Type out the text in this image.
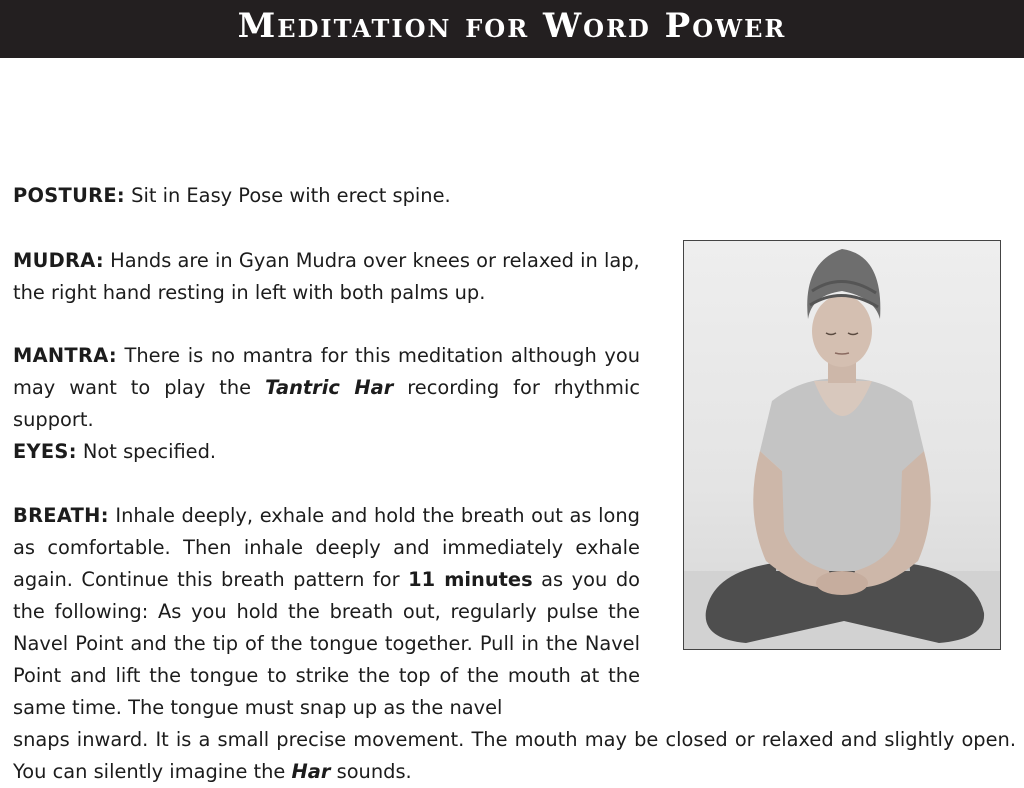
Meditation for Word Power

POSTURE: Sit in Easy Pose with erect spine.

MUDRA: Hands are in Gyan Mudra over knees or relaxed in lap, the right hand resting in left with both palms up.

MANTRA: There is no mantra for this meditation although you may want to play the Tantric Har recording for rhythmic support.

EYES: Not specified.

BREATH: Inhale deeply, exhale and hold the breath out as long as comfortable. Then inhale deeply and immediately exhale again. Continue this breath pattern for 11 minutes as you do the following: As you hold the breath out, regularly pulse the Navel Point and the tip of the tongue together. Pull in the Navel Point and lift the tongue to strike the top of the mouth at the same time. The tongue must snap up as the navel
snaps inward. It is a small precise movement. The mouth may be closed or relaxed and slightly open. You can silently imagine the Har sounds.
